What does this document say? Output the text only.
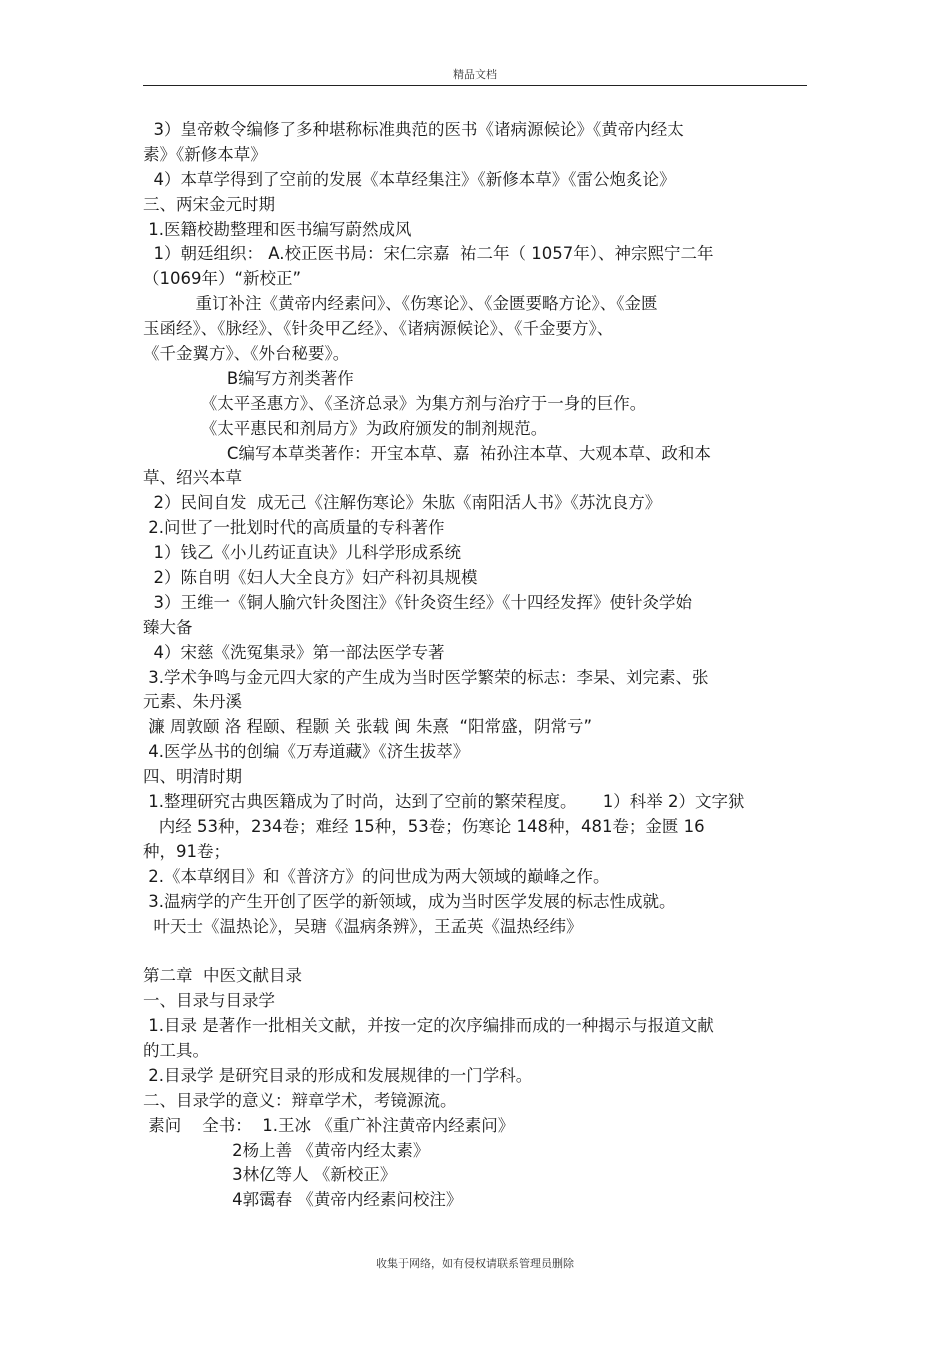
精品文档
3）皇帝敕令编修了多种堪称标准典范的医书《诸病源候论》《黄帝内经太
素》《新修本草》
4）本草学得到了空前的发展《本草经集注》《新修本草》《雷公炮炙论》
三、两宋金元时期
1.医籍校勘整理和医书编写蔚然成风
1）朝廷组织： A.校正医书局：宋仁宗嘉  祐二年（ 1057年）、神宗熙宁二年
（1069年）“新校正”
重订补注《黄帝内经素问》、《伤寒论》、《金匮要略方论》、《金匮
玉函经》、《脉经》、《针灸甲乙经》、《诸病源候论》、《千金要方》、
《千金翼方》、《外台秘要》。
B编写方剂类著作
《太平圣惠方》、《圣济总录》为集方剂与治疗于一身的巨作。
《太平惠民和剂局方》为政府颁发的制剂规范。
C编写本草类著作：开宝本草、嘉  祐孙注本草、大观本草、政和本
草、绍兴本草
2）民间自发  成无己《注解伤寒论》朱肱《南阳活人书》《苏沈良方》
2.问世了一批划时代的高质量的专科著作
1）钱乙《小儿药证直诀》儿科学形成系统
2）陈自明《妇人大全良方》妇产科初具规模
3）王维一《铜人腧穴针灸图注》《针灸资生经》《十四经发挥》使针灸学始
臻大备
4）宋慈《洗冤集录》第一部法医学专著
3.学术争鸣与金元四大家的产生成为当时医学繁荣的标志：李杲、刘完素、张
元素、朱丹溪
濂 周敦颐 洛 程颐、程颢 关 张载 闽 朱熹  “阳常盛，阴常亏”
4.医学丛书的创编《万寿道藏》《济生拔萃》
四、明清时期
1.整理研究古典医籍成为了时尚，达到了空前的繁荣程度。     1）科举 2）文字狱
内经 53种，234卷；难经 15种，53卷；伤寒论 148种，481卷；金匮 16
种，91卷；
2.《本草纲目》和《普济方》的问世成为两大领域的巅峰之作。
3.温病学的产生开创了医学的新领域，成为当时医学发展的标志性成就。
叶天士《温热论》，吴瑭《温病条辨》，王孟英《温热经纬》
第二章  中医文献目录
一、目录与目录学
1.目录 是著作一批相关文献，并按一定的次序编排而成的一种揭示与报道文献
的工具。
2.目录学 是研究目录的形成和发展规律的一门学科。
二、目录学的意义：辩章学术，考镜源流。
素问    全书：  1.王冰 《重广补注黄帝内经素问》
2杨上善 《黄帝内经太素》
3林亿等人 《新校正》
4郭霭春 《黄帝内经素问校注》
收集于网络，如有侵权请联系管理员删除
